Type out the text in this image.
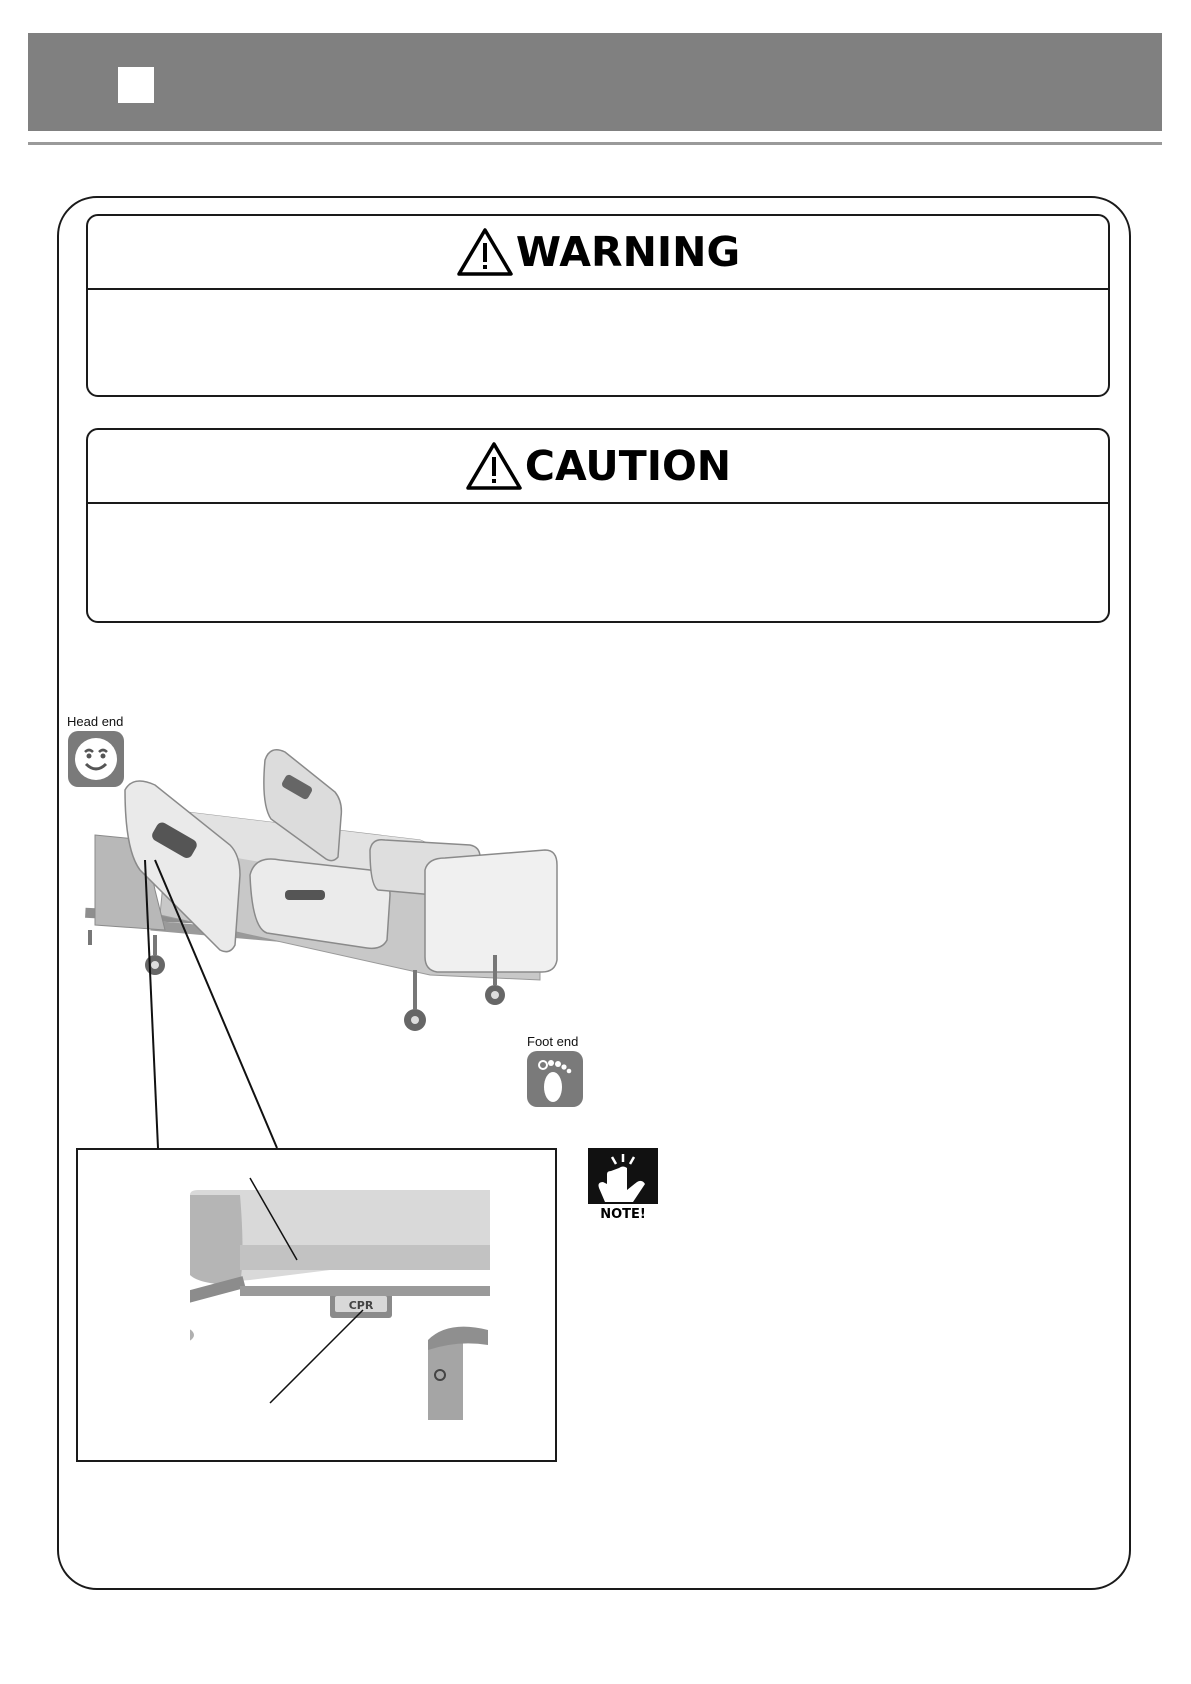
WARNING
CAUTION
Head end
Foot end
CPR
NOTE!
